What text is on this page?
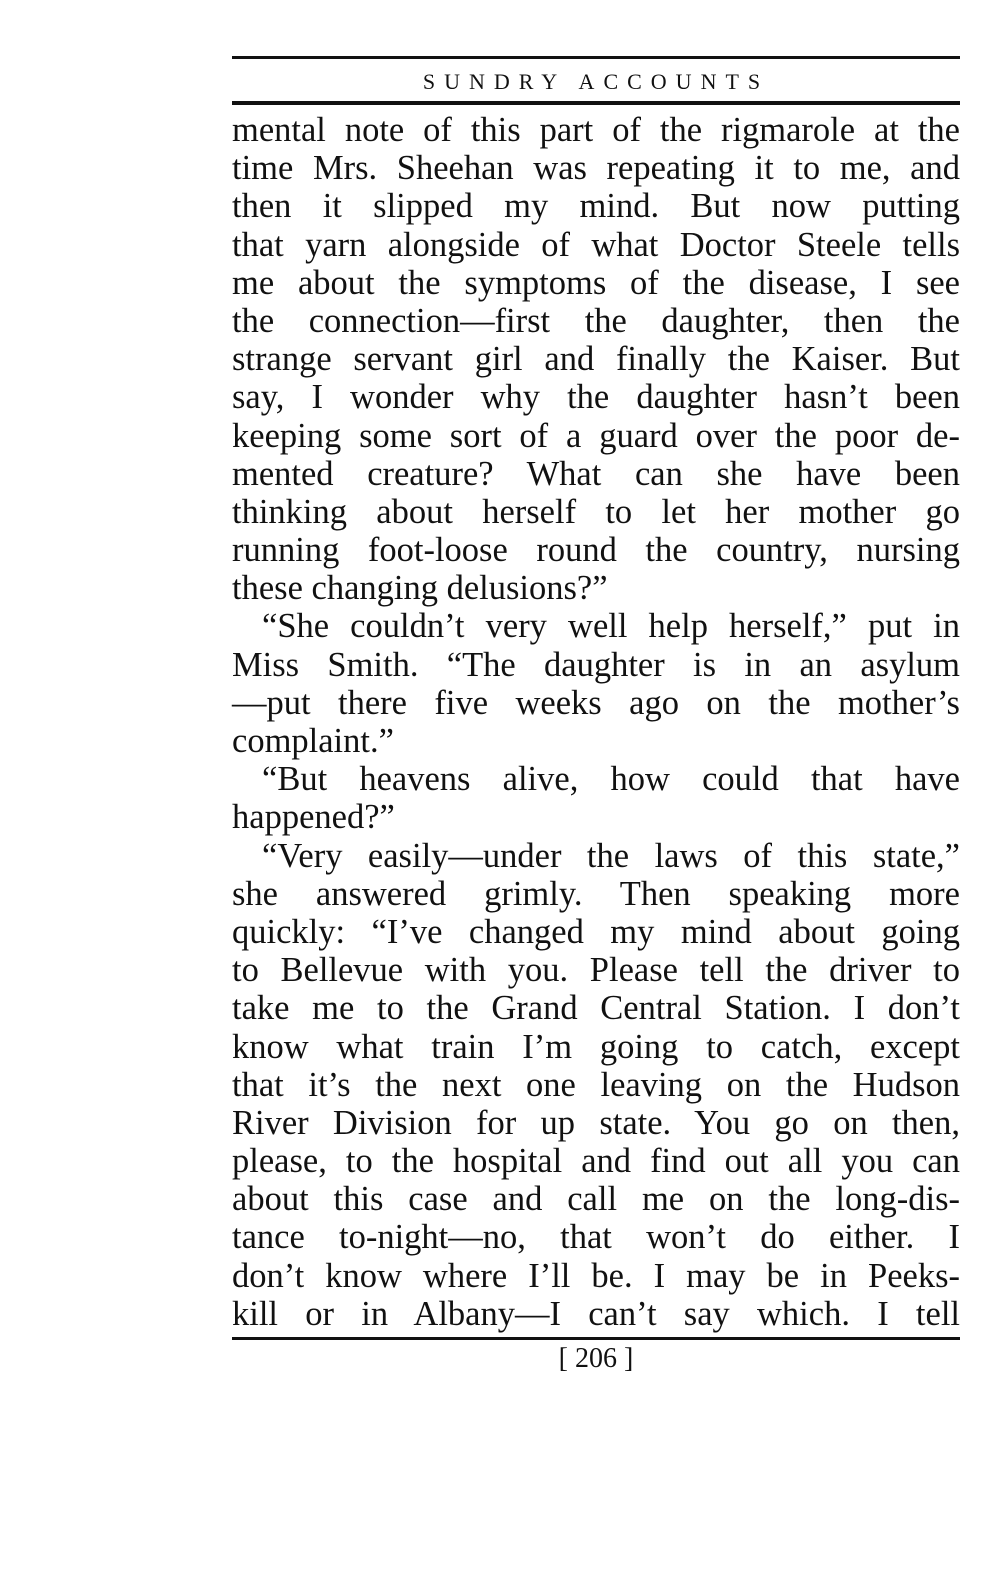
SUNDRY ACCOUNTS
mental note of this part of the rigmarole at the
time Mrs. Sheehan was repeating it to me, and
then it slipped my mind. But now putting
that yarn alongside of what Doctor Steele tells
me about the symptoms of the disease, I see
the connection—first the daughter, then the
strange servant girl and finally the Kaiser. But
say, I wonder why the daughter hasn’t been
keeping some sort of a guard over the poor de-
mented creature? What can she have been
thinking about herself to let her mother go
running foot-loose round the country, nursing
these changing delusions?”
“She couldn’t very well help herself,” put in
Miss Smith. “The daughter is in an asylum
—put there five weeks ago on the mother’s
complaint.”
“But heavens alive, how could that have
happened?”
“Very easily—under the laws of this state,”
she answered grimly. Then speaking more
quickly: “I’ve changed my mind about going
to Bellevue with you. Please tell the driver to
take me to the Grand Central Station. I don’t
know what train I’m going to catch, except
that it’s the next one leaving on the Hudson
River Division for up state. You go on then,
please, to the hospital and find out all you can
about this case and call me on the long-dis-
tance to-night—no, that won’t do either. I
don’t know where I’ll be. I may be in Peeks-
kill or in Albany—I can’t say which. I tell
[ 206 ]
